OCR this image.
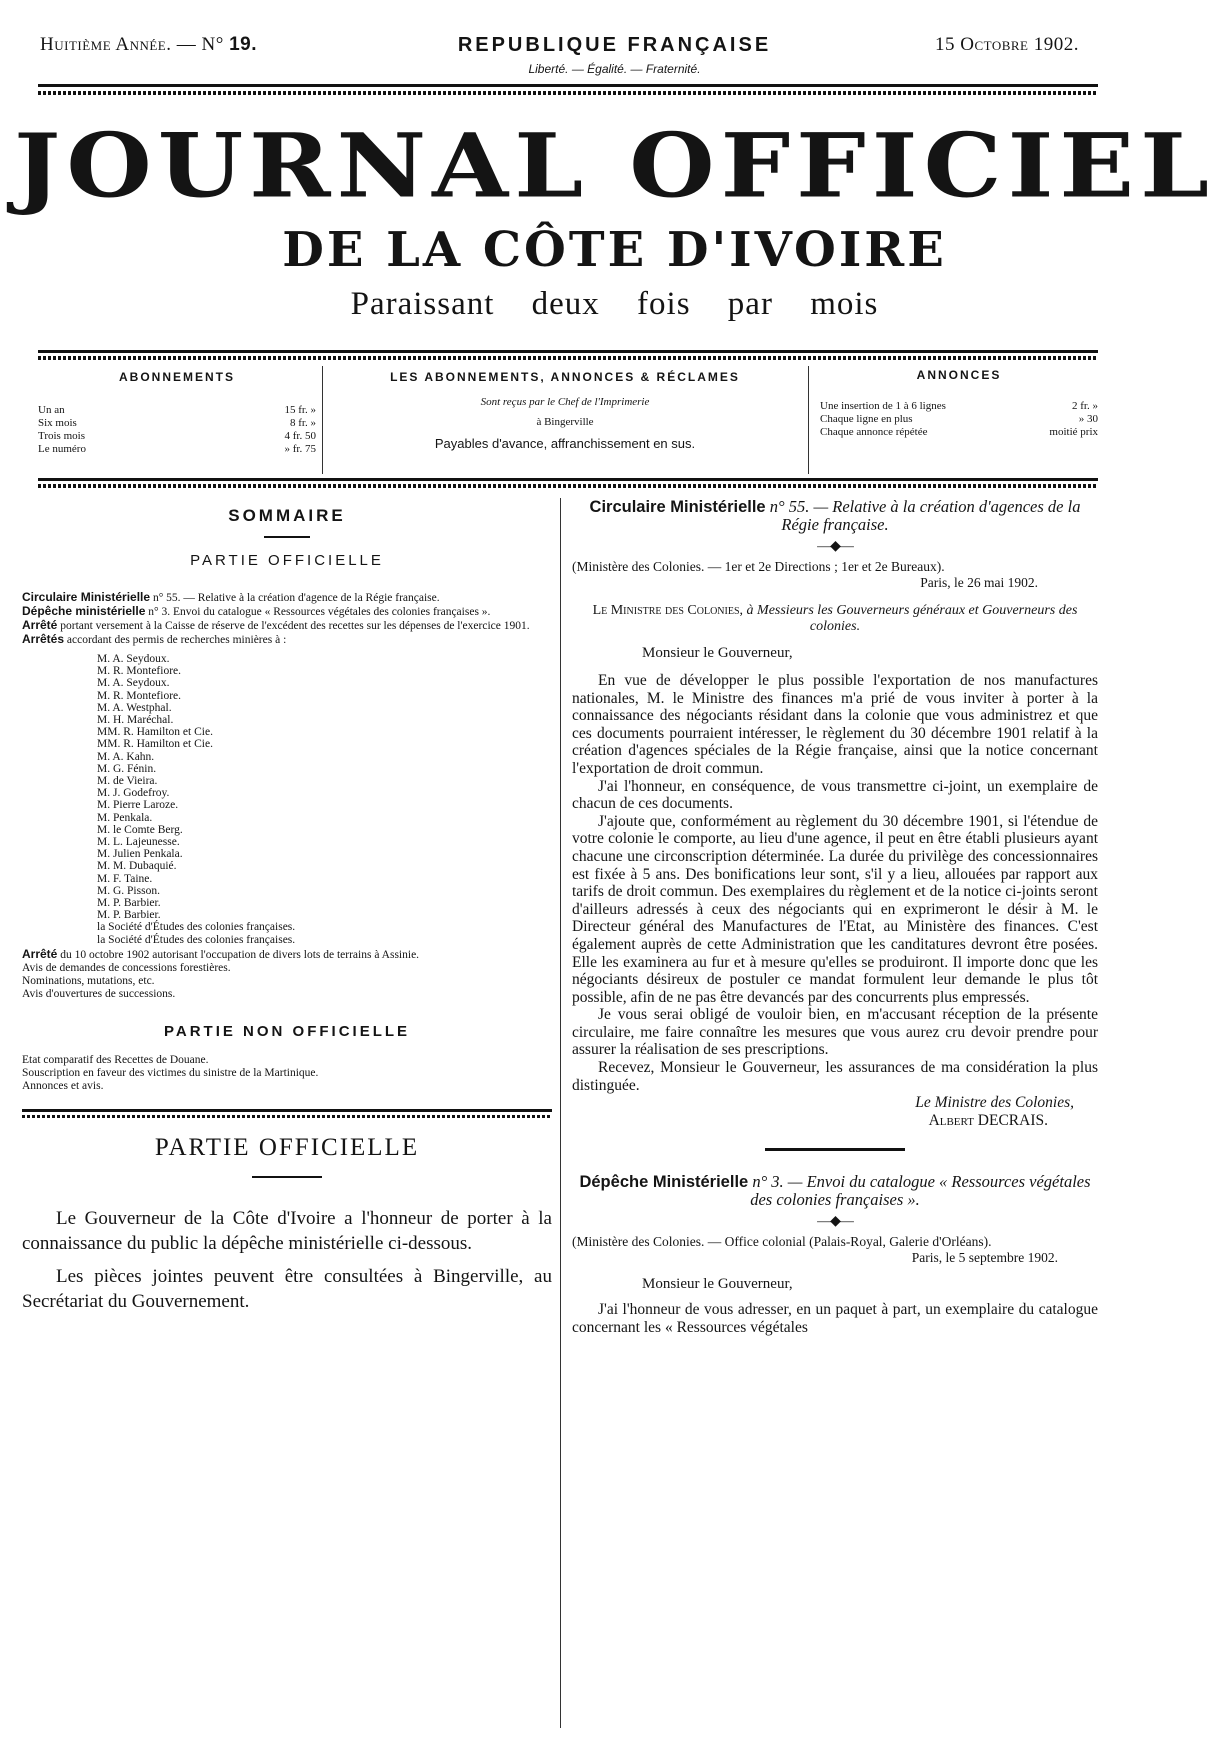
Huitième Année. — N° 19.	REPUBLIQUE FRANÇAISE
Liberté. — Égalité. — Fraternité.
15 Octobre 1902.
JOURNAL OFFICIEL
DE LA CÔTE D'IVOIRE
Paraissant deux fois par mois
ABONNEMENTS
Un an	15 fr. »
Six mois	8 fr. »
Trois mois	4 fr. 50
Le numéro	» fr. 75
LES ABONNEMENTS, ANNONCES & RÉCLAMES
Sont reçus par le Chef de l'Imprimerie
à Bingerville
Payables d'avance, affranchissement en sus.
ANNONCES
Une insertion de 1 à 6 lignes	2 fr. »
Chaque ligne en plus	» 30
Chaque annonce répétée	moitié prix
SOMMAIRE
PARTIE OFFICIELLE
Circulaire Ministérielle n° 55. — Relative à la création d'agence de la Régie française.
Dépêche ministérielle n° 3. Envoi du catalogue « Ressources végétales des colonies françaises ».
Arrêté portant versement à la Caisse de réserve de l'excédent des recettes sur les dépenses de l'exercice 1901.
Arrêtés accordant des permis de recherches minières à :
M. A. Seydoux.
M. R. Montefiore.
M. A. Seydoux.
M. R. Montefiore.
M. A. Westphal.
M. H. Maréchal.
MM. R. Hamilton et Cie.
MM. R. Hamilton et Cie.
M. A. Kahn.
M. G. Fénin.
M. de Vieira.
M. J. Godefroy.
M. Pierre Laroze.
M. Penkala.
M. le Comte Berg.
M. L. Lajeunesse.
M. Julien Penkala.
M. M. Dubaquié.
M. F. Taine.
M. G. Pisson.
M. P. Barbier.
M. P. Barbier.
la Société d'Études des colonies françaises.
la Société d'Études des colonies françaises.
Arrêté du 10 octobre 1902 autorisant l'occupation de divers lots de terrains à Assinie.
Avis de demandes de concessions forestières.
Nominations, mutations, etc.
Avis d'ouvertures de successions.
PARTIE NON OFFICIELLE
Etat comparatif des Recettes de Douane.
Souscription en faveur des victimes du sinistre de la Martinique.
Annonces et avis.
PARTIE OFFICIELLE

Le Gouverneur de la Côte d'Ivoire a l'honneur de porter à la connaissance du public la dépêche ministérielle ci-dessous.

Les pièces jointes peuvent être consultées à Bingerville, au Secrétariat du Gouvernement.

Circulaire Ministérielle n° 55. — Relative à la création d'agences de la Régie française.
—◆—
(Ministère des Colonies. — 1er et 2e Directions ; 1er et 2e Bureaux).
Paris, le 26 mai 1902.
Le Ministre des Colonies, à Messieurs les Gouverneurs généraux et Gouverneurs des colonies.
Monsieur le Gouverneur,

En vue de développer le plus possible l'exportation de nos manufactures nationales, M. le Ministre des finances m'a prié de vous inviter à porter à la connaissance des négociants résidant dans la colonie que vous administrez et que ces documents pourraient intéresser, le règlement du 30 décembre 1901 relatif à la création d'agences spéciales de la Régie française, ainsi que la notice concernant l'exportation de droit commun.

J'ai l'honneur, en conséquence, de vous transmettre ci-joint, un exemplaire de chacun de ces documents.

J'ajoute que, conformément au règlement du 30 décembre 1901, si l'étendue de votre colonie le comporte, au lieu d'une agence, il peut en être établi plusieurs ayant chacune une circonscription déterminée. La durée du privilège des concessionnaires est fixée à 5 ans. Des bonifications leur sont, s'il y a lieu, allouées par rapport aux tarifs de droit commun. Des exemplaires du règlement et de la notice ci-joints seront d'ailleurs adressés à ceux des négociants qui en exprimeront le désir à M. le Directeur général des Manufactures de l'Etat, au Ministère des finances. C'est également auprès de cette Administration que les canditatures devront être posées. Elle les examinera au fur et à mesure qu'elles se produiront. Il importe donc que les négociants désireux de postuler ce mandat formulent leur demande le plus tôt possible, afin de ne pas être devancés par des concurrents plus empressés.

Je vous serai obligé de vouloir bien, en m'accusant réception de la présente circulaire, me faire connaître les mesures que vous aurez cru devoir prendre pour assurer la réalisation de ses prescriptions.

Recevez, Monsieur le Gouverneur, les assurances de ma considération la plus distinguée.

Le Ministre des Colonies,
Albert DECRAIS.
Dépêche Ministérielle n° 3. — Envoi du catalogue « Ressources végétales des colonies françaises ».
—◆—
(Ministère des Colonies. — Office colonial (Palais-Royal, Galerie d'Orléans).
Paris, le 5 septembre 1902.
Monsieur le Gouverneur,

J'ai l'honneur de vous adresser, en un paquet à part, un exemplaire du catalogue concernant les « Ressources végétales
